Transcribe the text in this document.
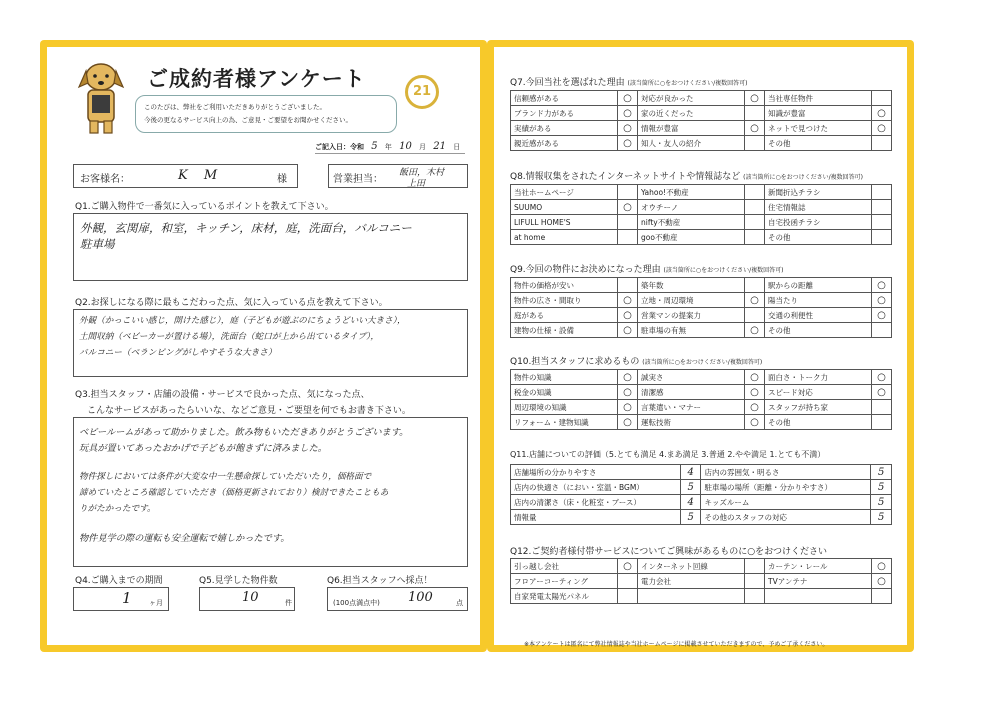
ご成約者様アンケート
このたびは、弊社をご利用いただきありがとうございました。
今後の更なるサービス向上の為、ご意見・ご要望をお聞かせください。
21
ご記入日：令和 5 年 10 月 21 日
お客様名：	K M	様	営業担当：
飯田，木村
上田
Q1.ご購入物件で一番気に入っているポイントを教えて下さい。
外観，玄関扉，和室，キッチン，床材，庭，洗面台，バルコニー
駐車場
Q2.お探しになる際に最もこだわった点、気に入っている点を教えて下さい。
外観（かっこいい感じ，開けた感じ），庭（子どもが遊ぶのにちょうどいい大きさ），
土間収納（ベビーカーが置ける場），洗面台（蛇口が上から出ているタイプ），
バルコニー（ベランピングがしやすそうな大きさ）
Q3.担当スタッフ・店舗の設備・サービスで良かった点、気になった点、
こんなサービスがあったらいいな、などご意見・ご要望を何でもお書き下さい。
ベビールームがあって助かりました。飲み物もいただきありがとうございます。
玩具が置いてあったおかげで子どもが飽きずに済みました。
物件探しにおいては条件が大変な中一生懸命探していただいたり，価格面で
諦めていたところ確認していただき（価格更新されており）検討できたこともあ
りがたかったです。
物件見学の際の運転も安全運転で嬉しかったです。
Q4.ご購入までの期間	Q5.見学した物件数	Q6.担当スタッフへ採点！
1 ヶ月	10	件	(100点満点中) 100	点
Q7.今回当社を選ばれた理由 (該当箇所に○をおつけください/複数回答可)
信頼感がある	○	対応が良かった	○	当社専任物件	
ブランド力がある	○	家の近くだった		知識が豊富	○
実績がある	○	情報が豊富	○	ネットで見つけた	○
親近感がある	○	知人・友人の紹介		その他	
Q8.情報収集をされたインターネットサイトや情報誌など (該当箇所に○をおつけください/複数回答可)
当社ホームページ		Yahoo!不動産		新聞折込チラシ	
SUUMO	○	オウチーノ		住宅情報誌	
LIFULL HOME'S		nifty不動産		自宅投函チラシ	
at home		goo不動産		その他	
Q9.今回の物件にお決めになった理由 (該当箇所に○をおつけください/複数回答可)
物件の価格が安い		築年数		駅からの距離	○
物件の広さ・間取り	○	立地・周辺環境	○	陽当たり	○
庭がある	○	営業マンの提案力		交通の利便性	○
建物の仕様・設備	○	駐車場の有無	○	その他	
Q10.担当スタッフに求めるもの (該当箇所に○をおつけください/複数回答可)
物件の知識	○	誠実さ	○	面白さ・トーク力	○
税金の知識	○	清潔感	○	スピード対応	○
周辺環境の知識	○	言葉遣い・マナー	○	スタッフが持ち家	
リフォーム・建物知識	○	運転技術	○	その他	
Q11.店舗についての評価（5.とても満足 4.まあ満足 3.普通 2.やや満足 1.とても不満）
店舗場所の分かりやすさ	4	店内の雰囲気・明るさ	5
店内の快適さ（におい・室温・BGM）	5	駐車場の場所（距離・分かりやすさ）	5
店内の清潔さ（床・化粧室・ブース）	4	キッズルーム	5
情報量	5	その他のスタッフの対応	5
Q12.ご契約者様付帯サービスについてご興味があるものに○をおつけください
引っ越し会社	○	インターネット回線		カーテン・レール	○
フロアーコーティング		電力会社		TVアンテナ	○
自家発電太陽光パネル					
※本アンケートは匿名にて弊社情報誌や当社ホームページに掲載させていただきますので、予めご了承ください。
